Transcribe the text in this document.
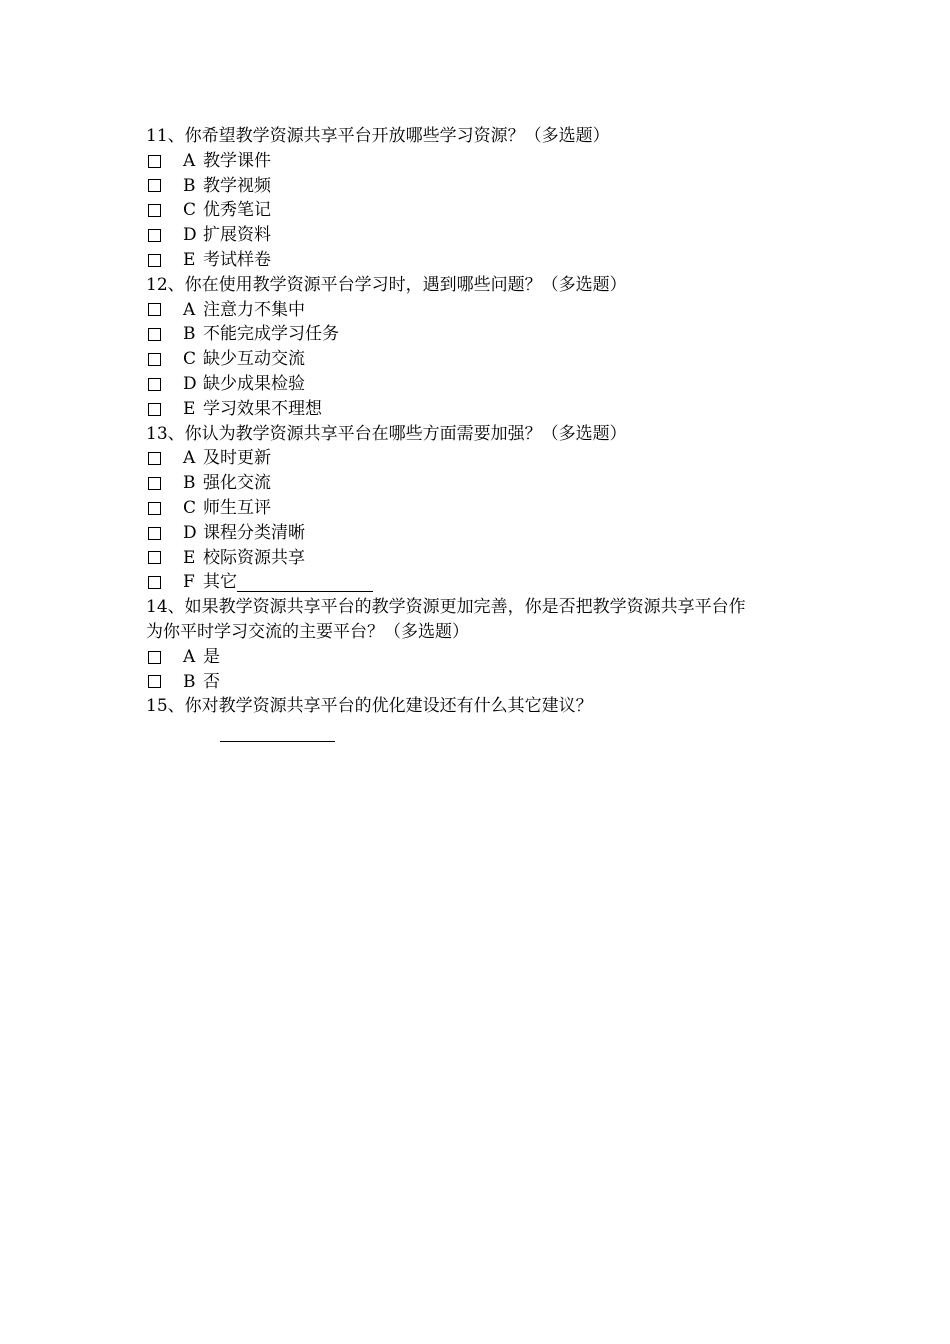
11、你希望教学资源共享平台开放哪些学习资源？（多选题）
A 教学课件
B 教学视频
C 优秀笔记
D 扩展资料
E 考试样卷
12、你在使用教学资源平台学习时，遇到哪些问题？（多选题）
A 注意力不集中
B 不能完成学习任务
C 缺少互动交流
D 缺少成果检验
E 学习效果不理想
13、你认为教学资源共享平台在哪些方面需要加强？（多选题）
A 及时更新
B 强化交流
C 师生互评
D 课程分类清晰
E 校际资源共享
F 其它
14、如果教学资源共享平台的教学资源更加完善，你是否把教学资源共享平台作
为你平时学习交流的主要平台？（多选题）
A 是
B 否
15、你对教学资源共享平台的优化建设还有什么其它建议？
